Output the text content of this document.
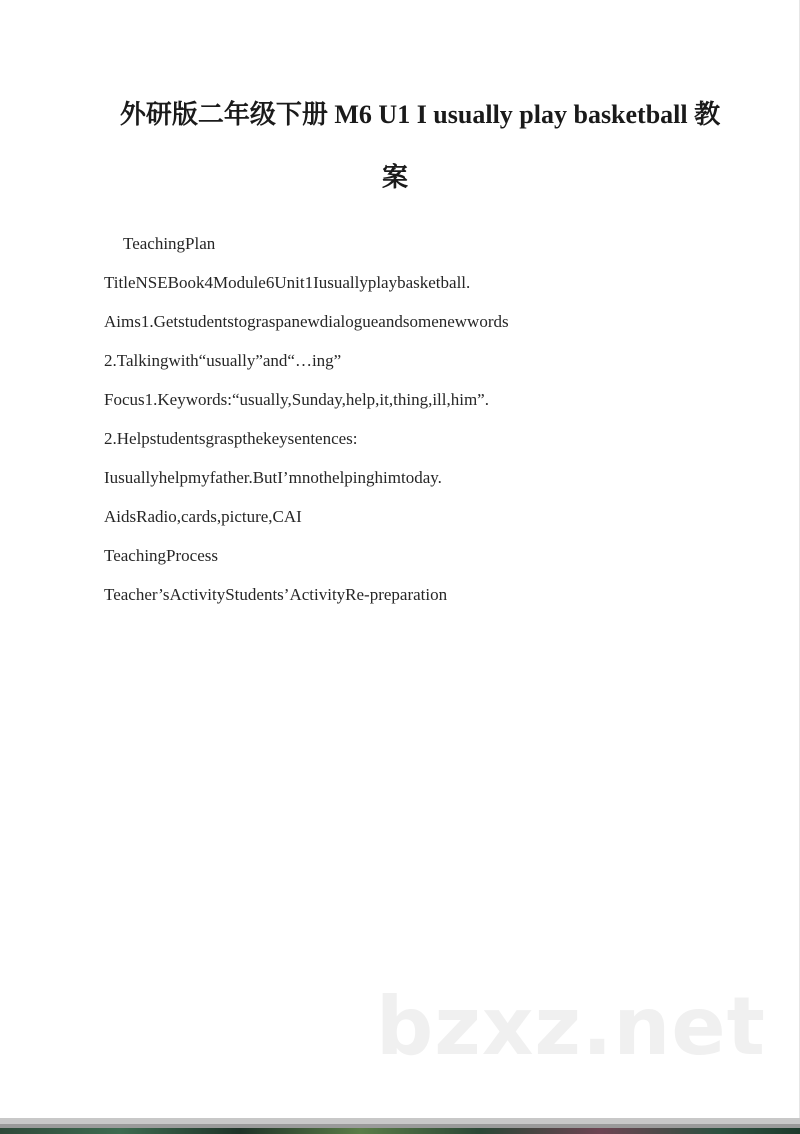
外研版二年级下册 M6 U1 I usually play basketball 教
案
TeachingPlan
TitleNSEBook4Module6Unit1Iusuallyplaybasketball.
Aims1.Getstudentstograspanewdialogueandsomenewwords
2.Talkingwith“usually”and“…ing”
Focus1.Keywords:“usually,Sunday,help,it,thing,ill,him”.
2.Helpstudentsgraspthekeysentences:
Iusuallyhelpmyfather.ButI’mnothelpinghimtoday.
AidsRadio,cards,picture,CAI
TeachingProcess
Teacher’sActivityStudents’ActivityRe-preparation
bzxz.net
